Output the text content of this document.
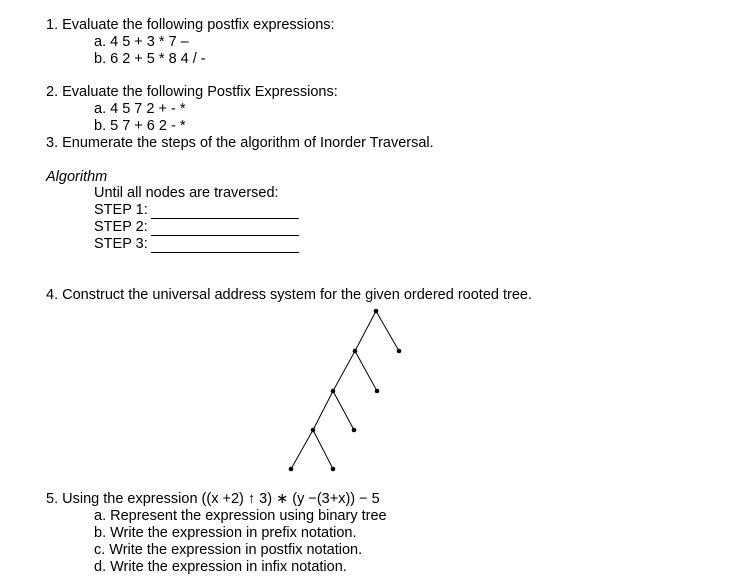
1. Evaluate the following postfix expressions:
a. 4 5 + 3 * 7 –
b. 6 2 + 5 * 8 4 / -
2. Evaluate the following Postfix Expressions:
a. 4 5 7 2 + - *
b. 5 7 + 6 2 - *
3. Enumerate the steps of the algorithm of Inorder Traversal.
Algorithm
Until all nodes are traversed:
STEP 1:
STEP 2:
STEP 3:
4. Construct the universal address system for the given ordered rooted tree.
5. Using the expression ((x +2) ↑ 3) ∗ (y −(3+x)) − 5
a. Represent the expression using binary tree
b. Write the expression in prefix notation.
c. Write the expression in postfix notation.
d. Write the expression in infix notation.
